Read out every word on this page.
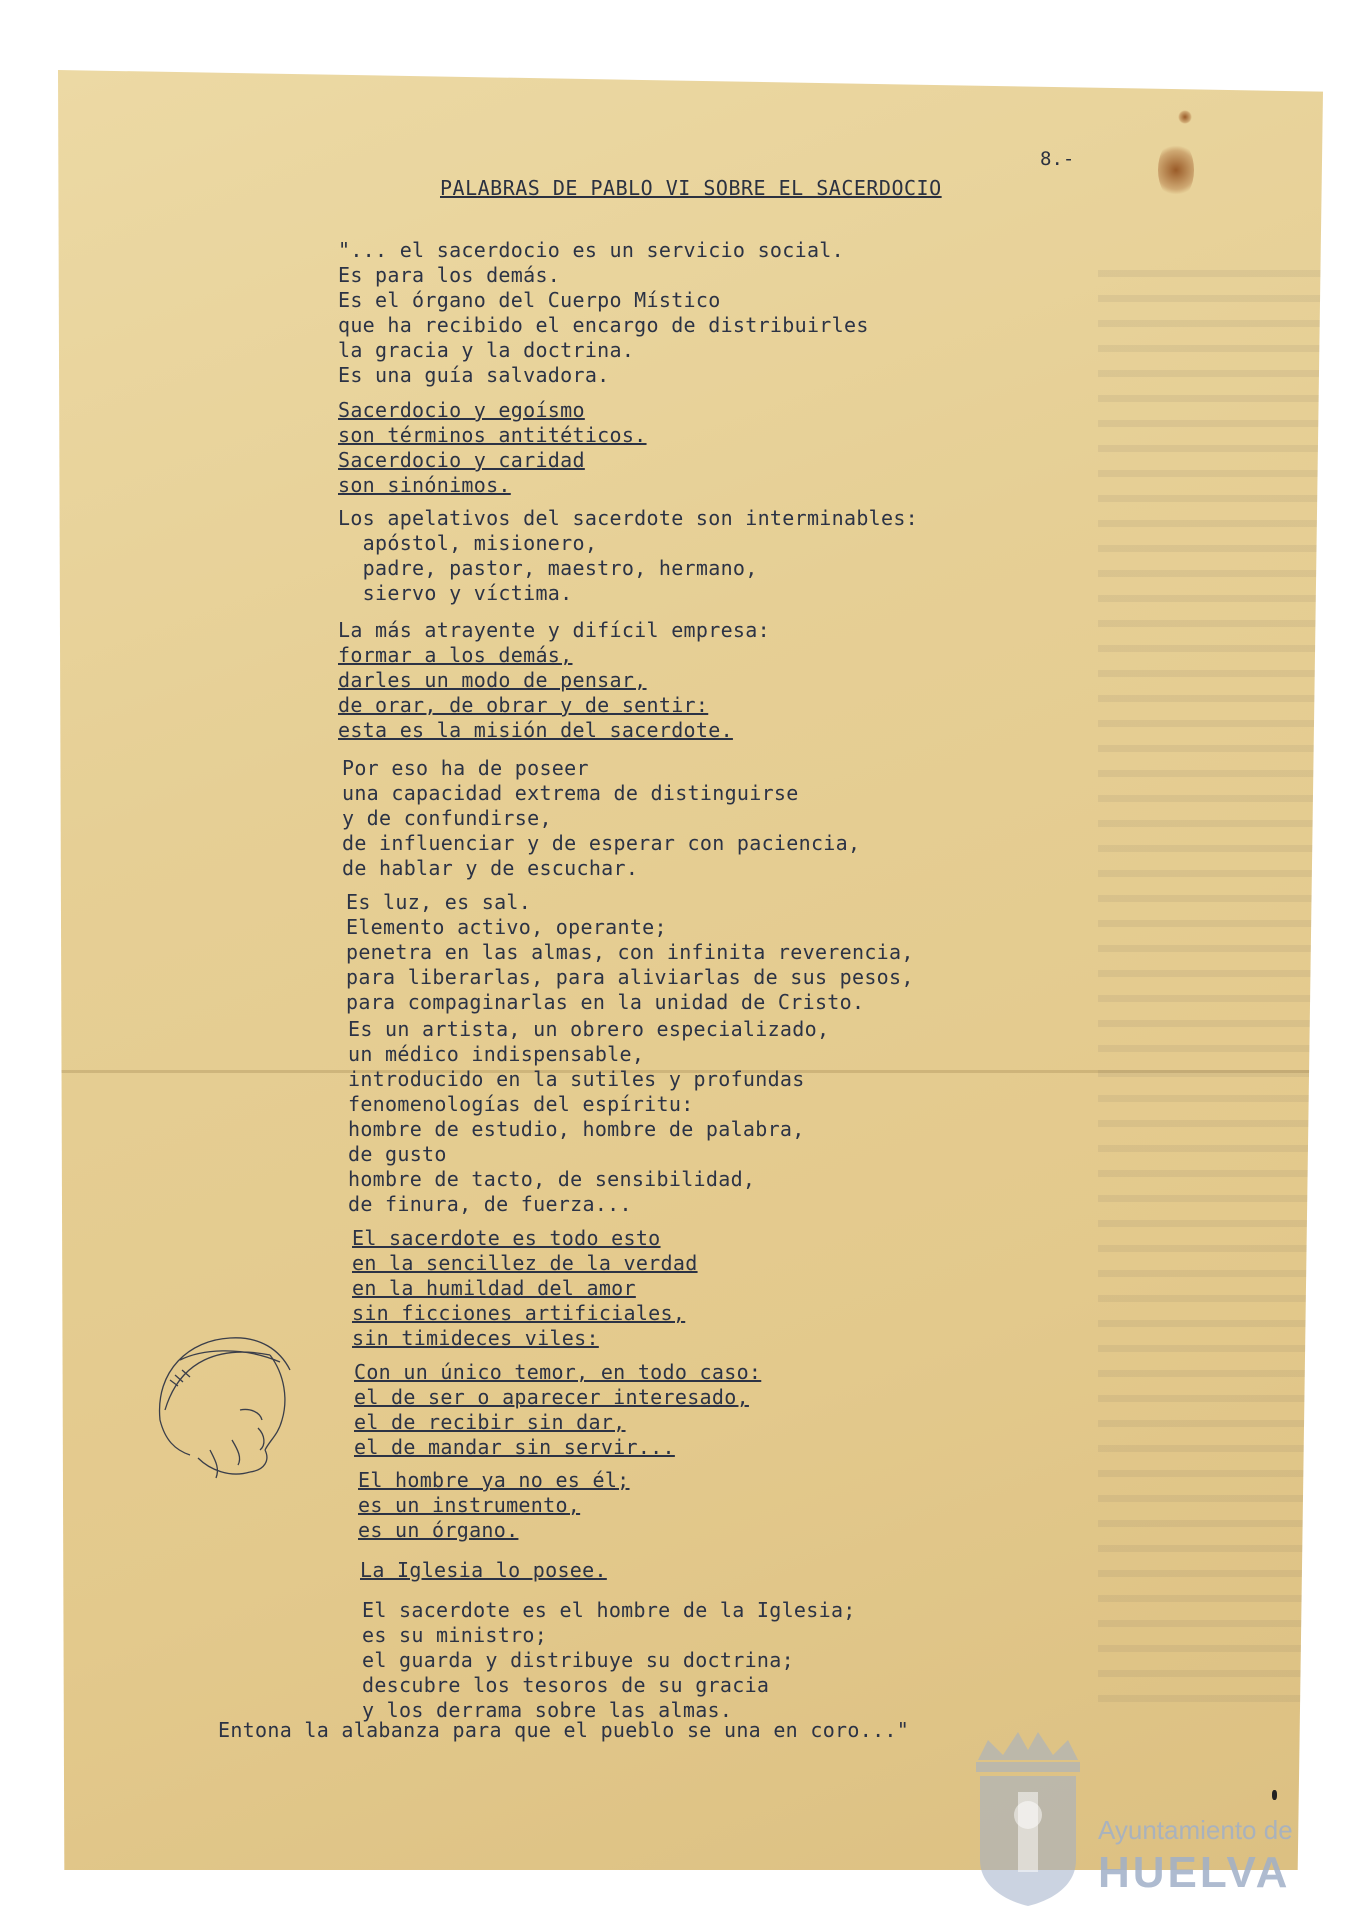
8.-
PALABRAS DE PABLO VI SOBRE EL SACERDOCIO
"... el sacerdocio es un servicio social.
Es para los demás.
Es el órgano del Cuerpo Místico
que ha recibido el encargo de distribuirles
la gracia y la doctrina.
Es una guía salvadora.
Sacerdocio y egoísmo
son términos antitéticos.
Sacerdocio y caridad
son sinónimos.
Los apelativos del sacerdote son interminables:
apóstol, misionero,
padre, pastor, maestro, hermano,
siervo y víctima.
La más atrayente y difícil empresa:
formar a los demás,
darles un modo de pensar,
de orar, de obrar y de sentir:
esta es la misión del sacerdote.
Por eso ha de poseer
una capacidad extrema de distinguirse
y de confundirse,
de influenciar y de esperar con paciencia,
de hablar y de escuchar.
Es luz, es sal.
Elemento activo, operante;
penetra en las almas, con infinita reverencia,
para liberarlas, para aliviarlas de sus pesos,
para compaginarlas en la unidad de Cristo.
Es un artista, un obrero especializado,
un médico indispensable,
introducido en la sutiles y profundas
fenomenologías del espíritu:
hombre de estudio, hombre de palabra,
de gusto
hombre de tacto, de sensibilidad,
de finura, de fuerza...
El sacerdote es todo esto
en la sencillez de la verdad
en la humildad del amor
sin ficciones artificiales,
sin timideces viles:
Con un único temor, en todo caso:
el de ser o aparecer interesado,
el de recibir sin dar,
el de mandar sin servir...
El hombre ya no es él;
es un instrumento,
es un órgano.
La Iglesia lo posee.
El sacerdote es el hombre de la Iglesia;
es su ministro;
el guarda y distribuye su doctrina;
descubre los tesoros de su gracia
y los derrama sobre las almas.
Entona la alabanza para que el pueblo se una en coro..."
Ayuntamiento de
HUELVA
